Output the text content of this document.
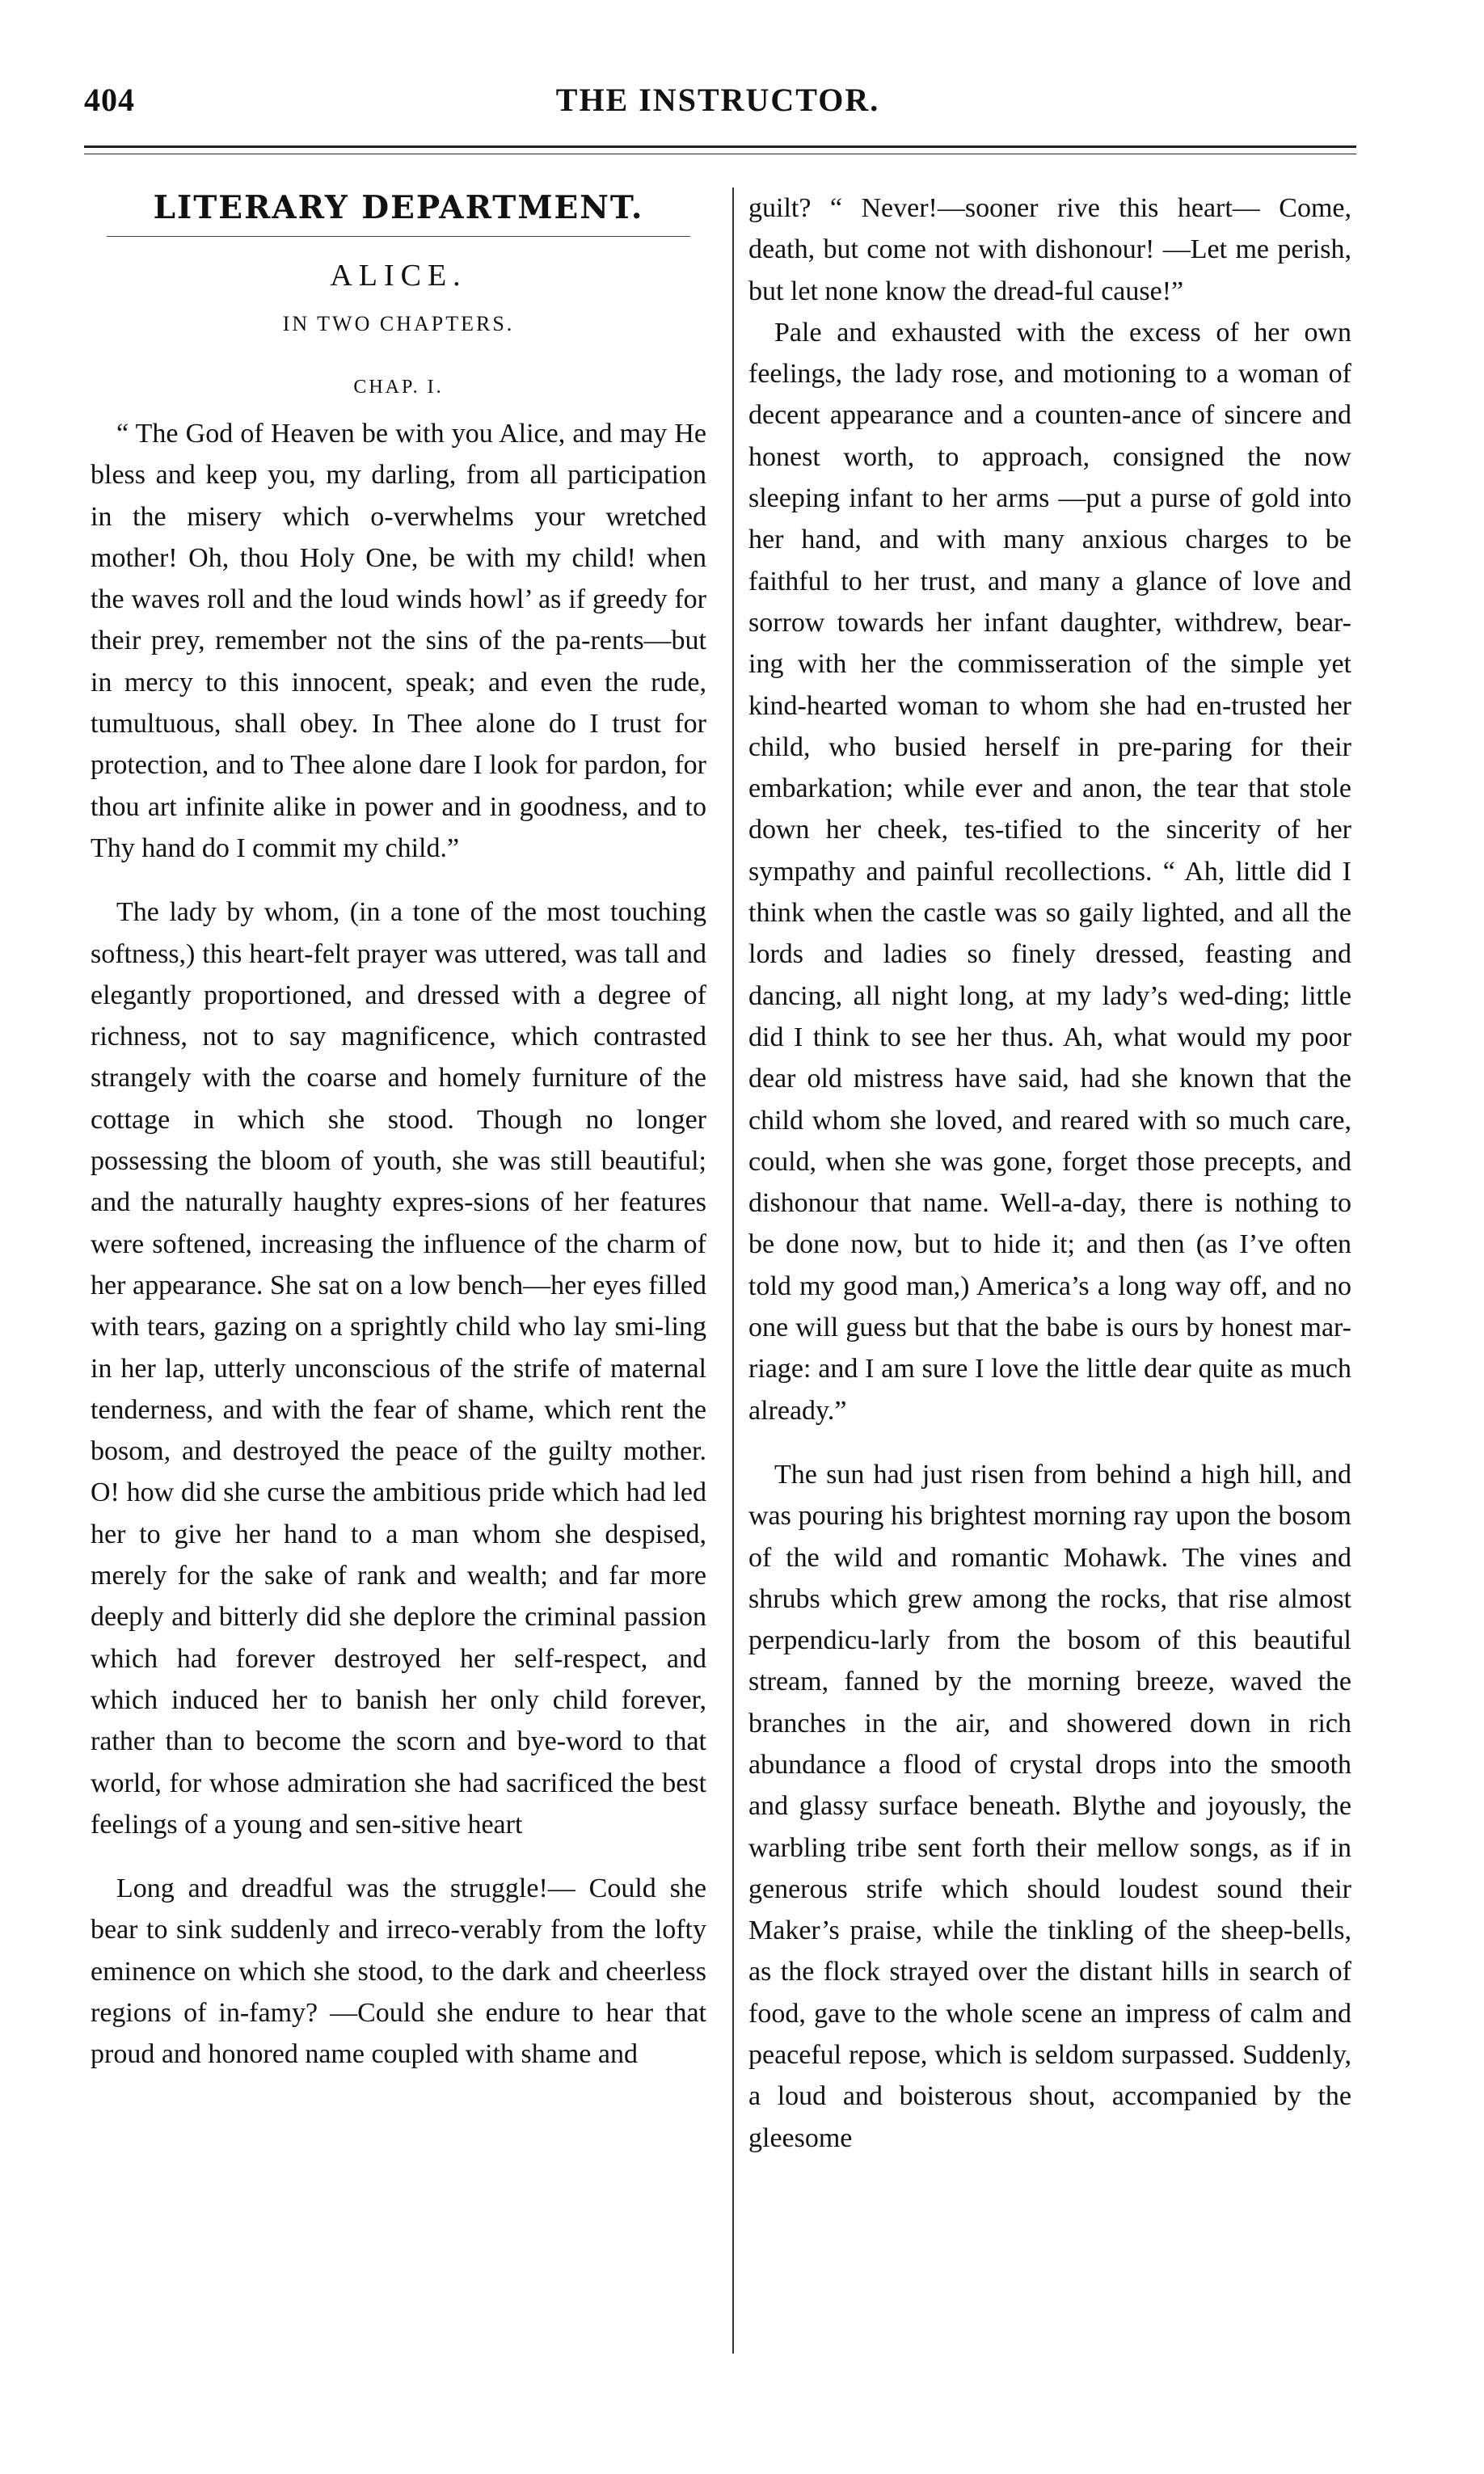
404	THE INSTRUCTOR.
LITERARY DEPARTMENT.
ALICE.
IN TWO CHAPTERS.
CHAP. I.

“ The God of Heaven be with you Alice, and may He bless and keep you, my darling, from all participation in the misery which o-verwhelms your wretched mother! Oh, thou Holy One, be with my child! when the waves roll and the loud winds howl’ as if greedy for their prey, remember not the sins of the pa-rents—but in mercy to this innocent, speak; and even the rude, tumultuous, shall obey. In Thee alone do I trust for protection, and to Thee alone dare I look for pardon, for thou art infinite alike in power and in goodness, and to Thy hand do I commit my child.”

The lady by whom, (in a tone of the most touching softness,) this heart-felt prayer was uttered, was tall and elegantly proportioned, and dressed with a degree of richness, not to say magnificence, which contrasted strangely with the coarse and homely furniture of the cottage in which she stood. Though no longer possessing the bloom of youth, she was still beautiful; and the naturally haughty expres-sions of her features were softened, increasing the influence of the charm of her appearance. She sat on a low bench—her eyes filled with tears, gazing on a sprightly child who lay smi-ling in her lap, utterly unconscious of the strife of maternal tenderness, and with the fear of shame, which rent the bosom, and destroyed the peace of the guilty mother. O! how did she curse the ambitious pride which had led her to give her hand to a man whom she despised, merely for the sake of rank and wealth; and far more deeply and bitterly did she deplore the criminal passion which had forever destroyed her self-respect, and which induced her to banish her only child forever, rather than to become the scorn and bye-word to that world, for whose admiration she had sacrificed the best feelings of a young and sen-sitive heart

Long and dreadful was the struggle!— Could she bear to sink suddenly and irreco-verably from the lofty eminence on which she stood, to the dark and cheerless regions of in-famy? —Could she endure to hear that proud and honored name coupled with shame and

guilt? “ Never!—sooner rive this heart— Come, death, but come not with dishonour! —Let me perish, but let none know the dread-ful cause!”

Pale and exhausted with the excess of her own feelings, the lady rose, and motioning to a woman of decent appearance and a counten-ance of sincere and honest worth, to approach, consigned the now sleeping infant to her arms —put a purse of gold into her hand, and with many anxious charges to be faithful to her trust, and many a glance of love and sorrow towards her infant daughter, withdrew, bear-ing with her the commisseration of the simple yet kind-hearted woman to whom she had en-trusted her child, who busied herself in pre-paring for their embarkation; while ever and anon, the tear that stole down her cheek, tes-tified to the sincerity of her sympathy and painful recollections. “ Ah, little did I think when the castle was so gaily lighted, and all the lords and ladies so finely dressed, feasting and dancing, all night long, at my lady’s wed-ding; little did I think to see her thus. Ah, what would my poor dear old mistress have said, had she known that the child whom she loved, and reared with so much care, could, when she was gone, forget those precepts, and dishonour that name. Well-a-day, there is nothing to be done now, but to hide it; and then (as I’ve often told my good man,) America’s a long way off, and no one will guess but that the babe is ours by honest mar-riage: and I am sure I love the little dear quite as much already.”

The sun had just risen from behind a high hill, and was pouring his brightest morning ray upon the bosom of the wild and romantic Mohawk. The vines and shrubs which grew among the rocks, that rise almost perpendicu-larly from the bosom of this beautiful stream, fanned by the morning breeze, waved the branches in the air, and showered down in rich abundance a flood of crystal drops into the smooth and glassy surface beneath. Blythe and joyously, the warbling tribe sent forth their mellow songs, as if in generous strife which should loudest sound their Maker’s praise, while the tinkling of the sheep-bells, as the flock strayed over the distant hills in search of food, gave to the whole scene an impress of calm and peaceful repose, which is seldom surpassed. Suddenly, a loud and boisterous shout, accompanied by the gleesome
